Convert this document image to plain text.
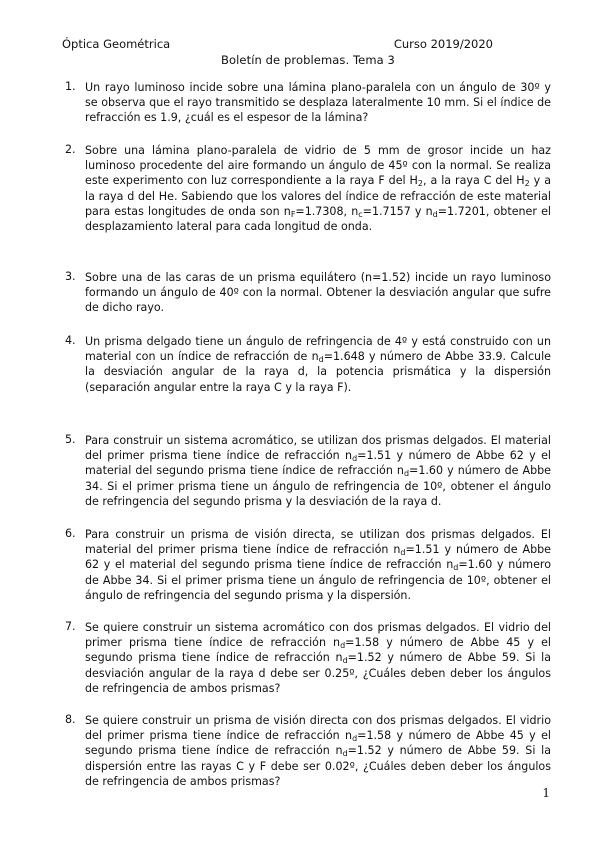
Óptica Geométrica	Curso 2019/2020
Boletín de problemas. Tema 3
1. Un rayo luminoso incide sobre una lámina plano-paralela con un ángulo de 30º y se observa que el rayo transmitido se desplaza lateralmente 10 mm. Si el índice de refracción es 1.9, ¿cuál es el espesor de la lámina?
2. Sobre una lámina plano-paralela de vidrio de 5 mm de grosor incide un haz luminoso procedente del aire formando un ángulo de 45º con la normal. Se realiza este experimento con luz correspondiente a la raya F del $H_2$, a la raya C del $H_2$ y a la raya d del He. Sabiendo que los valores del índice de refracción de este material para estas longitudes de onda son $n_F=1.7308$, $n_c=1.7157$ y $n_d=1.7201$, obtener el desplazamiento lateral para cada longitud de onda.
3. Sobre una de las caras de un prisma equilátero (n=1.52) incide un rayo luminoso formando un ángulo de 40º con la normal. Obtener la desviación angular que sufre de dicho rayo.
4. Un prisma delgado tiene un ángulo de refringencia de 4º y está construido con un material con un índice de refracción de $n_d=1.648$ y número de Abbe 33.9. Calcule la desviación angular de la raya d, la potencia prismática y la dispersión (separación angular entre la raya C y la raya F).
5. Para construir un sistema acromático, se utilizan dos prismas delgados. El material del primer prisma tiene índice de refracción $n_d=1.51$ y número de Abbe 62 y el material del segundo prisma tiene índice de refracción $n_d=1.60$ y número de Abbe 34. Si el primer prisma tiene un ángulo de refringencia de 10º, obtener el ángulo de refringencia del segundo prisma y la desviación de la raya d.
6. Para construir un prisma de visión directa, se utilizan dos prismas delgados. El material del primer prisma tiene índice de refracción $n_d=1.51$ y número de Abbe 62 y el material del segundo prisma tiene índice de refracción $n_d=1.60$ y número de Abbe 34. Si el primer prisma tiene un ángulo de refringencia de 10º, obtener el ángulo de refringencia del segundo prisma y la dispersión.
7. Se quiere construir un sistema acromático con dos prismas delgados. El vidrio del primer prisma tiene índice de refracción $n_d=1.58$ y número de Abbe 45 y el segundo prisma tiene índice de refracción $n_d=1.52$ y número de Abbe 59. Si la desviación angular de la raya d debe ser 0.25º, ¿Cuáles deben deber los ángulos de refringencia de ambos prismas?
8. Se quiere construir un prisma de visión directa con dos prismas delgados. El vidrio del primer prisma tiene índice de refracción $n_d=1.58$ y número de Abbe 45 y el segundo prisma tiene índice de refracción $n_d=1.52$ y número de Abbe 59. Si la dispersión entre las rayas C y F debe ser 0.02º, ¿Cuáles deben deber los ángulos de refringencia de ambos prismas?
1
